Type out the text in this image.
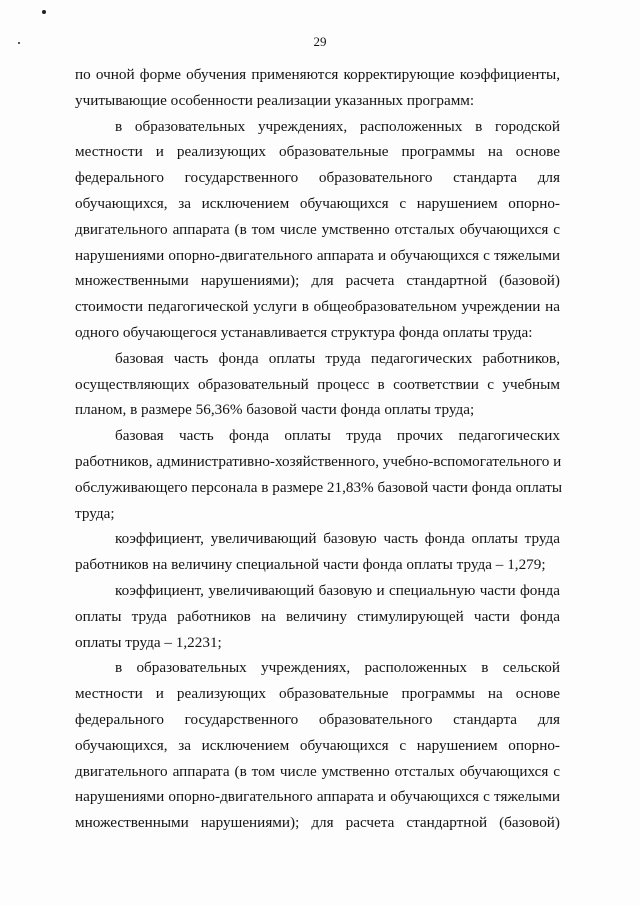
29
по очной форме обучения применяются корректирующие коэффициенты,
учитывающие особенности реализации указанных программ:
в образовательных учреждениях, расположенных в городской
местности и реализующих образовательные программы на основе
федерального государственного образовательного стандарта для
обучающихся, за исключением обучающихся с нарушением опорно-
двигательного аппарата (в том числе умственно отсталых обучающихся с
нарушениями опорно-двигательного аппарата и обучающихся с тяжелыми
множественными нарушениями); для расчета стандартной (базовой)
стоимости педагогической услуги в общеобразовательном учреждении на
одного обучающегося устанавливается структура фонда оплаты труда:
базовая часть фонда оплаты труда педагогических работников,
осуществляющих образовательный процесс в соответствии с учебным
планом, в размере 56,36% базовой части фонда оплаты труда;
базовая часть фонда оплаты труда прочих педагогических
работников, административно-хозяйственного, учебно-вспомогательного и
обслуживающего персонала в размере 21,83% базовой части фонда оплаты
труда;
коэффициент, увеличивающий базовую часть фонда оплаты труда
работников на величину специальной части фонда оплаты труда – 1,279;
коэффициент, увеличивающий базовую и специальную части фонда
оплаты труда работников на величину стимулирующей части фонда
оплаты труда – 1,2231;
в образовательных учреждениях, расположенных в сельской
местности и реализующих образовательные программы на основе
федерального государственного образовательного стандарта для
обучающихся, за исключением обучающихся с нарушением опорно-
двигательного аппарата (в том числе умственно отсталых обучающихся с
нарушениями опорно-двигательного аппарата и обучающихся с тяжелыми
множественными нарушениями); для расчета стандартной (базовой)
